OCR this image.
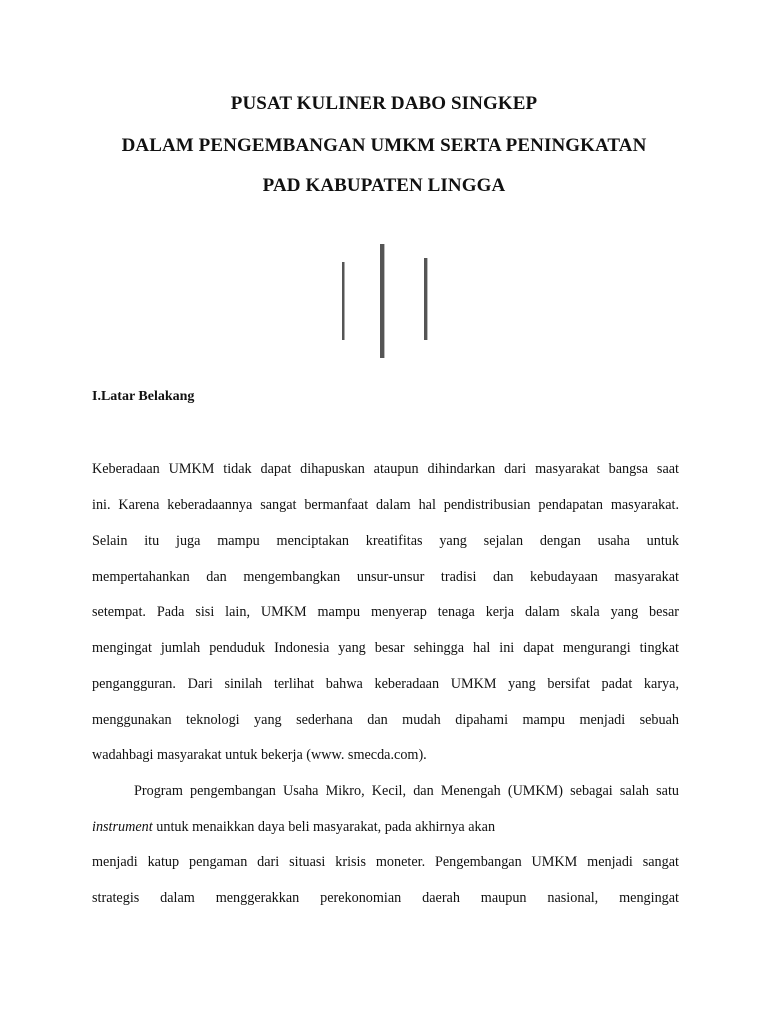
PUSAT KULINER DABO SINGKEP
DALAM PENGEMBANGAN UMKM SERTA PENINGKATAN
PAD KABUPATEN LINGGA
I.Latar Belakang
Keberadaan UMKM tidak dapat dihapuskan ataupun dihindarkan dari masyarakat bangsa saat
ini. Karena keberadaannya sangat bermanfaat dalam hal pendistribusian pendapatan masyarakat.
Selain itu juga mampu menciptakan kreatifitas yang sejalan dengan usaha untuk
mempertahankan dan mengembangkan unsur-unsur tradisi dan kebudayaan masyarakat
setempat. Pada sisi lain, UMKM mampu menyerap tenaga kerja dalam skala yang besar
mengingat jumlah penduduk Indonesia yang besar sehingga hal ini dapat mengurangi tingkat
pengangguran. Dari sinilah terlihat bahwa keberadaan UMKM yang bersifat padat karya,
menggunakan teknologi yang sederhana dan mudah dipahami mampu menjadi sebuah
wadahbagi masyarakat untuk bekerja (www. smecda.com).
Program pengembangan Usaha Mikro, Kecil, dan Menengah (UMKM) sebagai salah satu
instrument untuk menaikkan daya beli masyarakat, pada akhirnya akan
menjadi katup pengaman dari situasi krisis moneter. Pengembangan UMKM menjadi sangat
strategis dalam menggerakkan perekonomian daerah maupun nasional, mengingat
